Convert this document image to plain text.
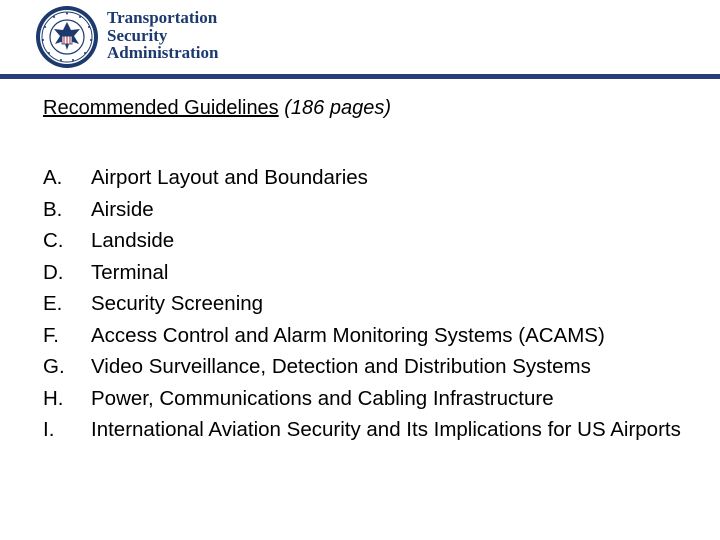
Transportation
Security
Administration
Recommended Guidelines (186 pages)
A.	Airport Layout and Boundaries
B.	Airside
C.	Landside
D.	Terminal
E.	Security Screening
F.	Access Control and Alarm Monitoring Systems (ACAMS)
G.	Video Surveillance, Detection and Distribution Systems
H.	Power, Communications and Cabling Infrastructure
I.	International Aviation Security and Its Implications for US Airports
